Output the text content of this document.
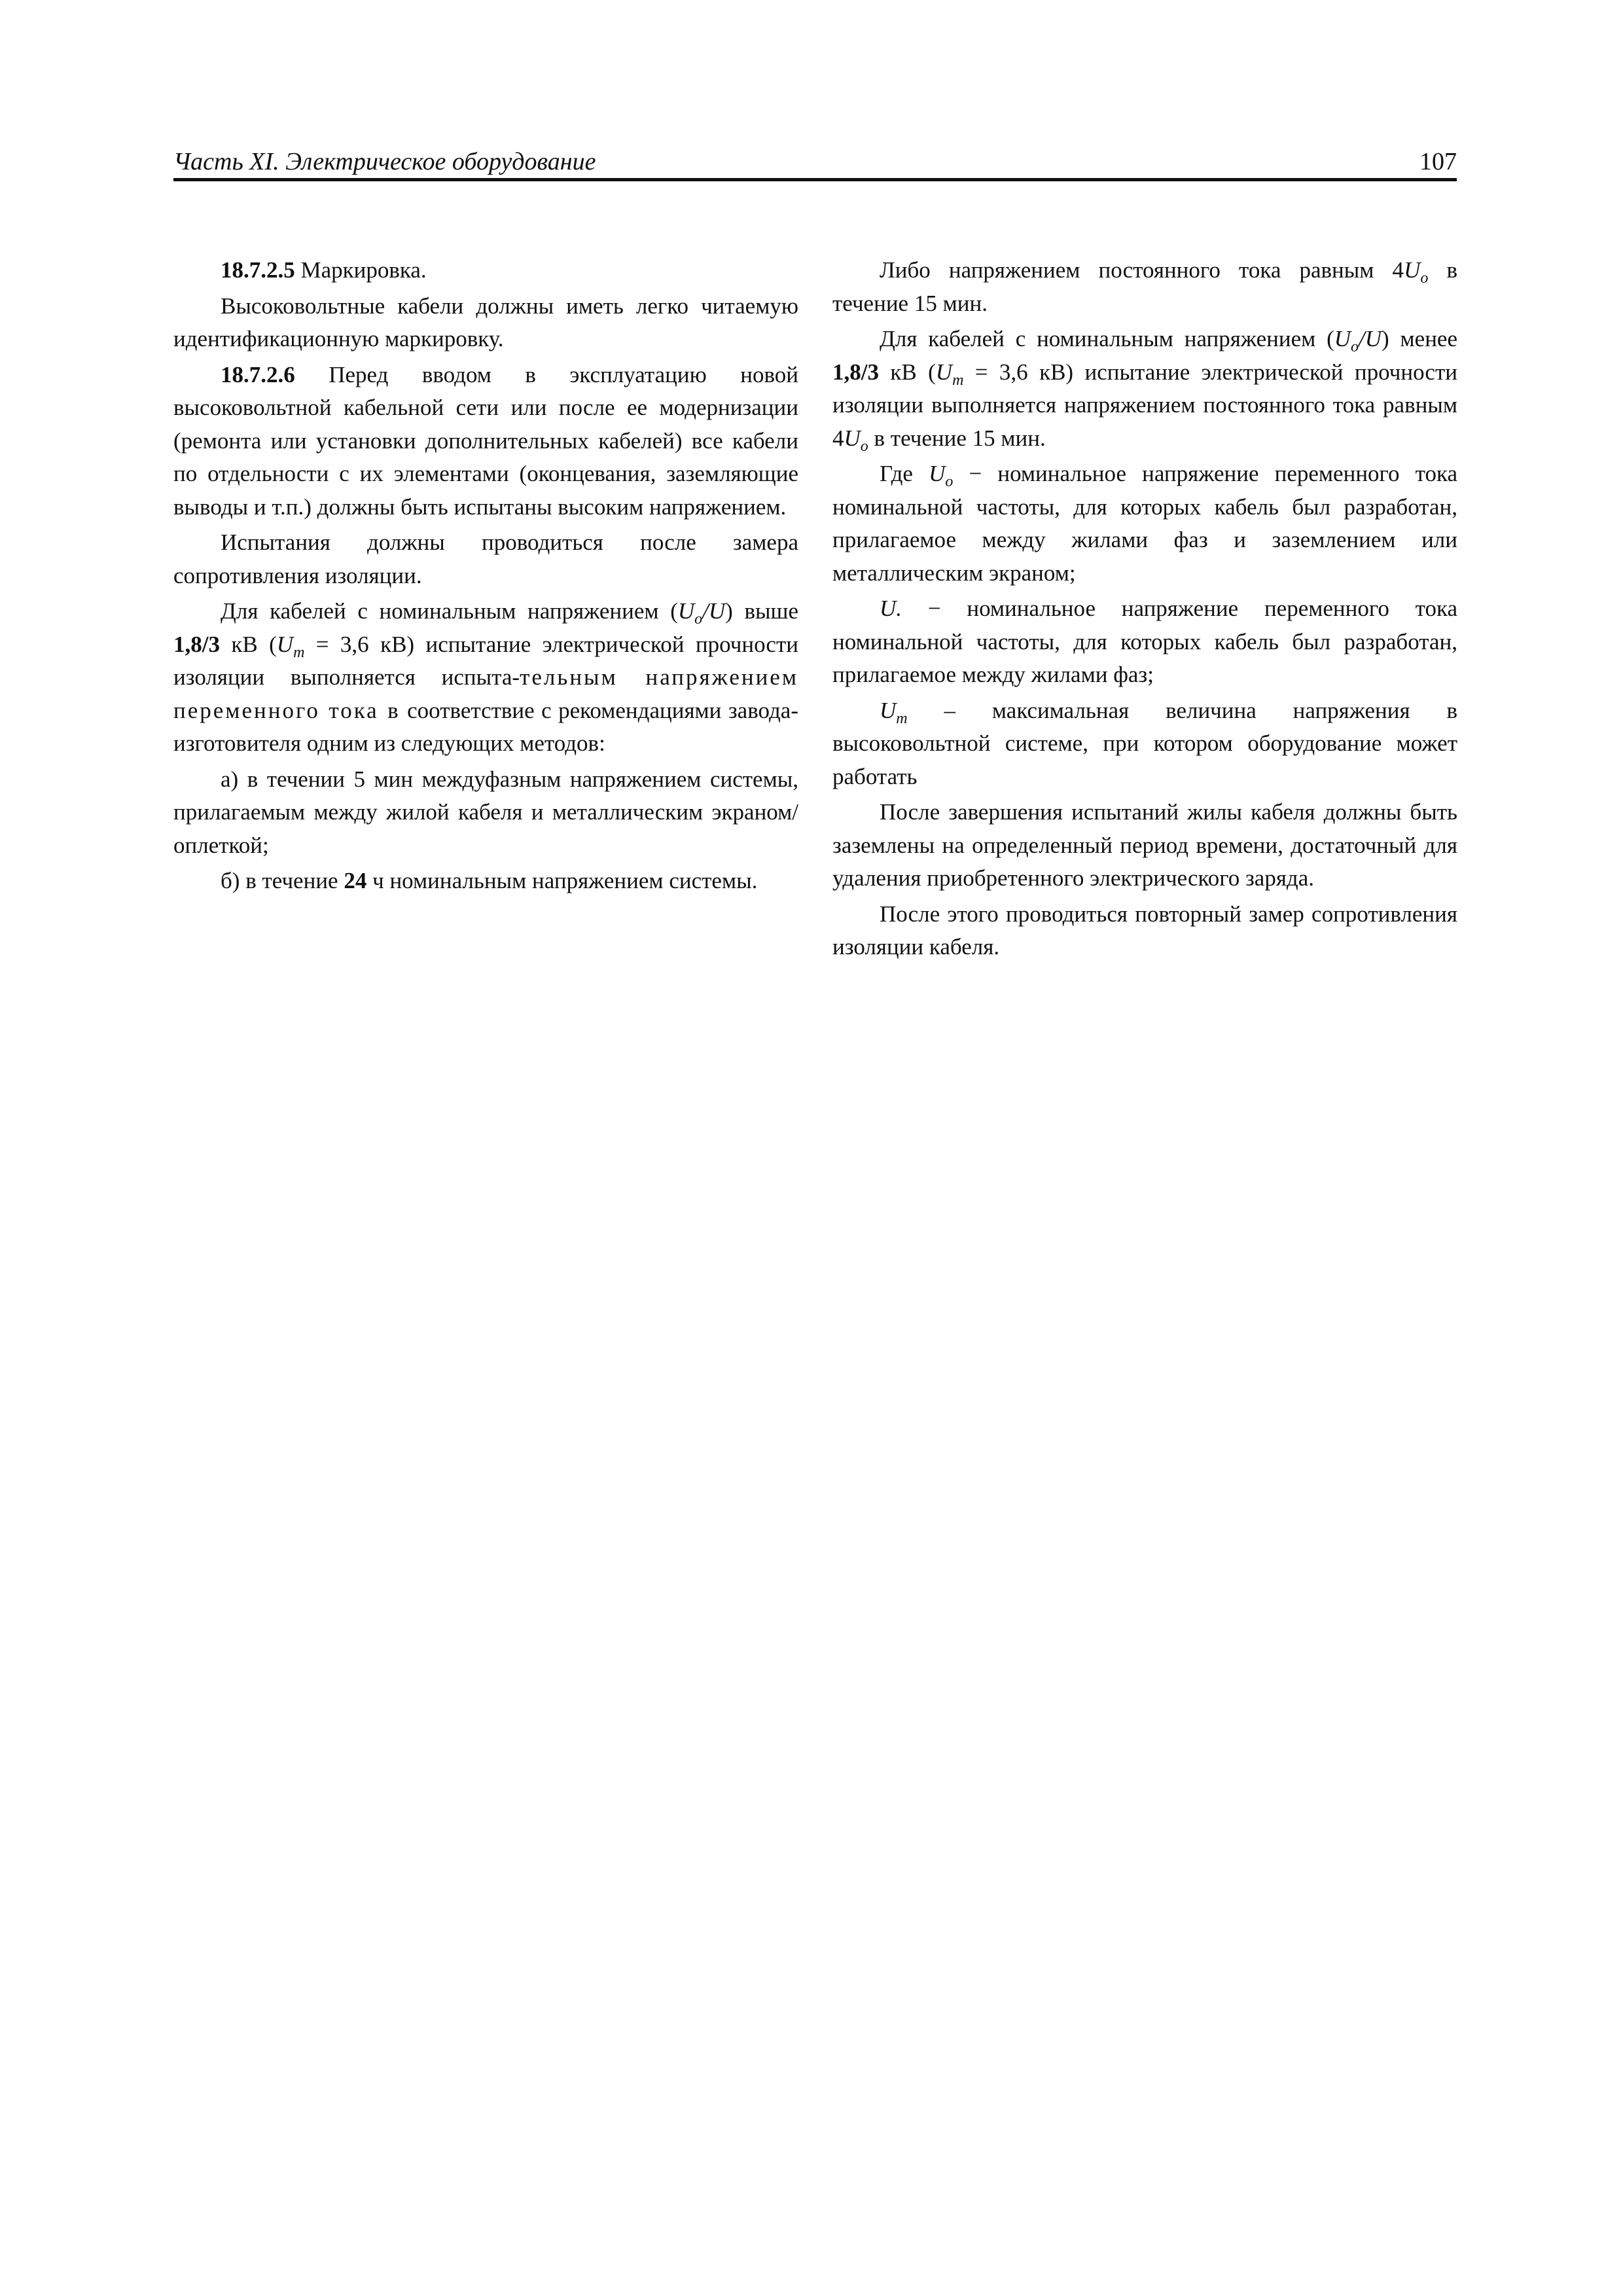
Часть XI. Электрическое оборудование	107

18.7.2.5 Маркировка.

Высоковольтные кабели должны иметь легко читаемую идентификационную маркировку.

18.7.2.6 Перед вводом в эксплуатацию новой высоковольтной кабельной сети или после ее модернизации (ремонта или установки дополнительных кабелей) все кабели по отдельности с их элементами (оконцевания, заземляющие выводы и т.п.) должны быть испытаны высоким напряжением.

Испытания должны проводиться после замера сопротивления изоляции.

Для кабелей с номинальным напряжением $(U_o/U)$ выше 1,8/3 кВ ($U_m = 3,6$ кВ) испытание электрической прочности изоляции выполняется испыта-тельным напряжением переменного тока в соответствие с рекомендациями завода-изготовителя одним из следующих методов:

а) в течении 5 мин междуфазным напряжением системы, прилагаемым между жилой кабеля и металлическим экраном/оплеткой;

б) в течение 24 ч номинальным напряжением системы.

Либо напряжением постоянного тока равным $4U_o$ в течение 15 мин.

Для кабелей с номинальным напряжением $(U_o/U)$ менее 1,8/3 кВ ($U_m = 3,6$ кВ) испытание электрической прочности изоляции выполняется напряжением постоянного тока равным $4U_o$ в течение 15 мин.

Где $U_o$ − номинальное напряжение переменного тока номинальной частоты, для которых кабель был разработан, прилагаемое между жилами фаз и заземлением или металлическим экраном;

U. − номинальное напряжение переменного тока номинальной частоты, для которых кабель был разработан, прилагаемое между жилами фаз;

$U_m$ – максимальная величина напряжения в высоковольтной системе, при котором оборудование может работать

После завершения испытаний жилы кабеля должны быть заземлены на определенный период времени, достаточный для удаления приобретенного электрического заряда.

После этого проводиться повторный замер сопротивления изоляции кабеля.
